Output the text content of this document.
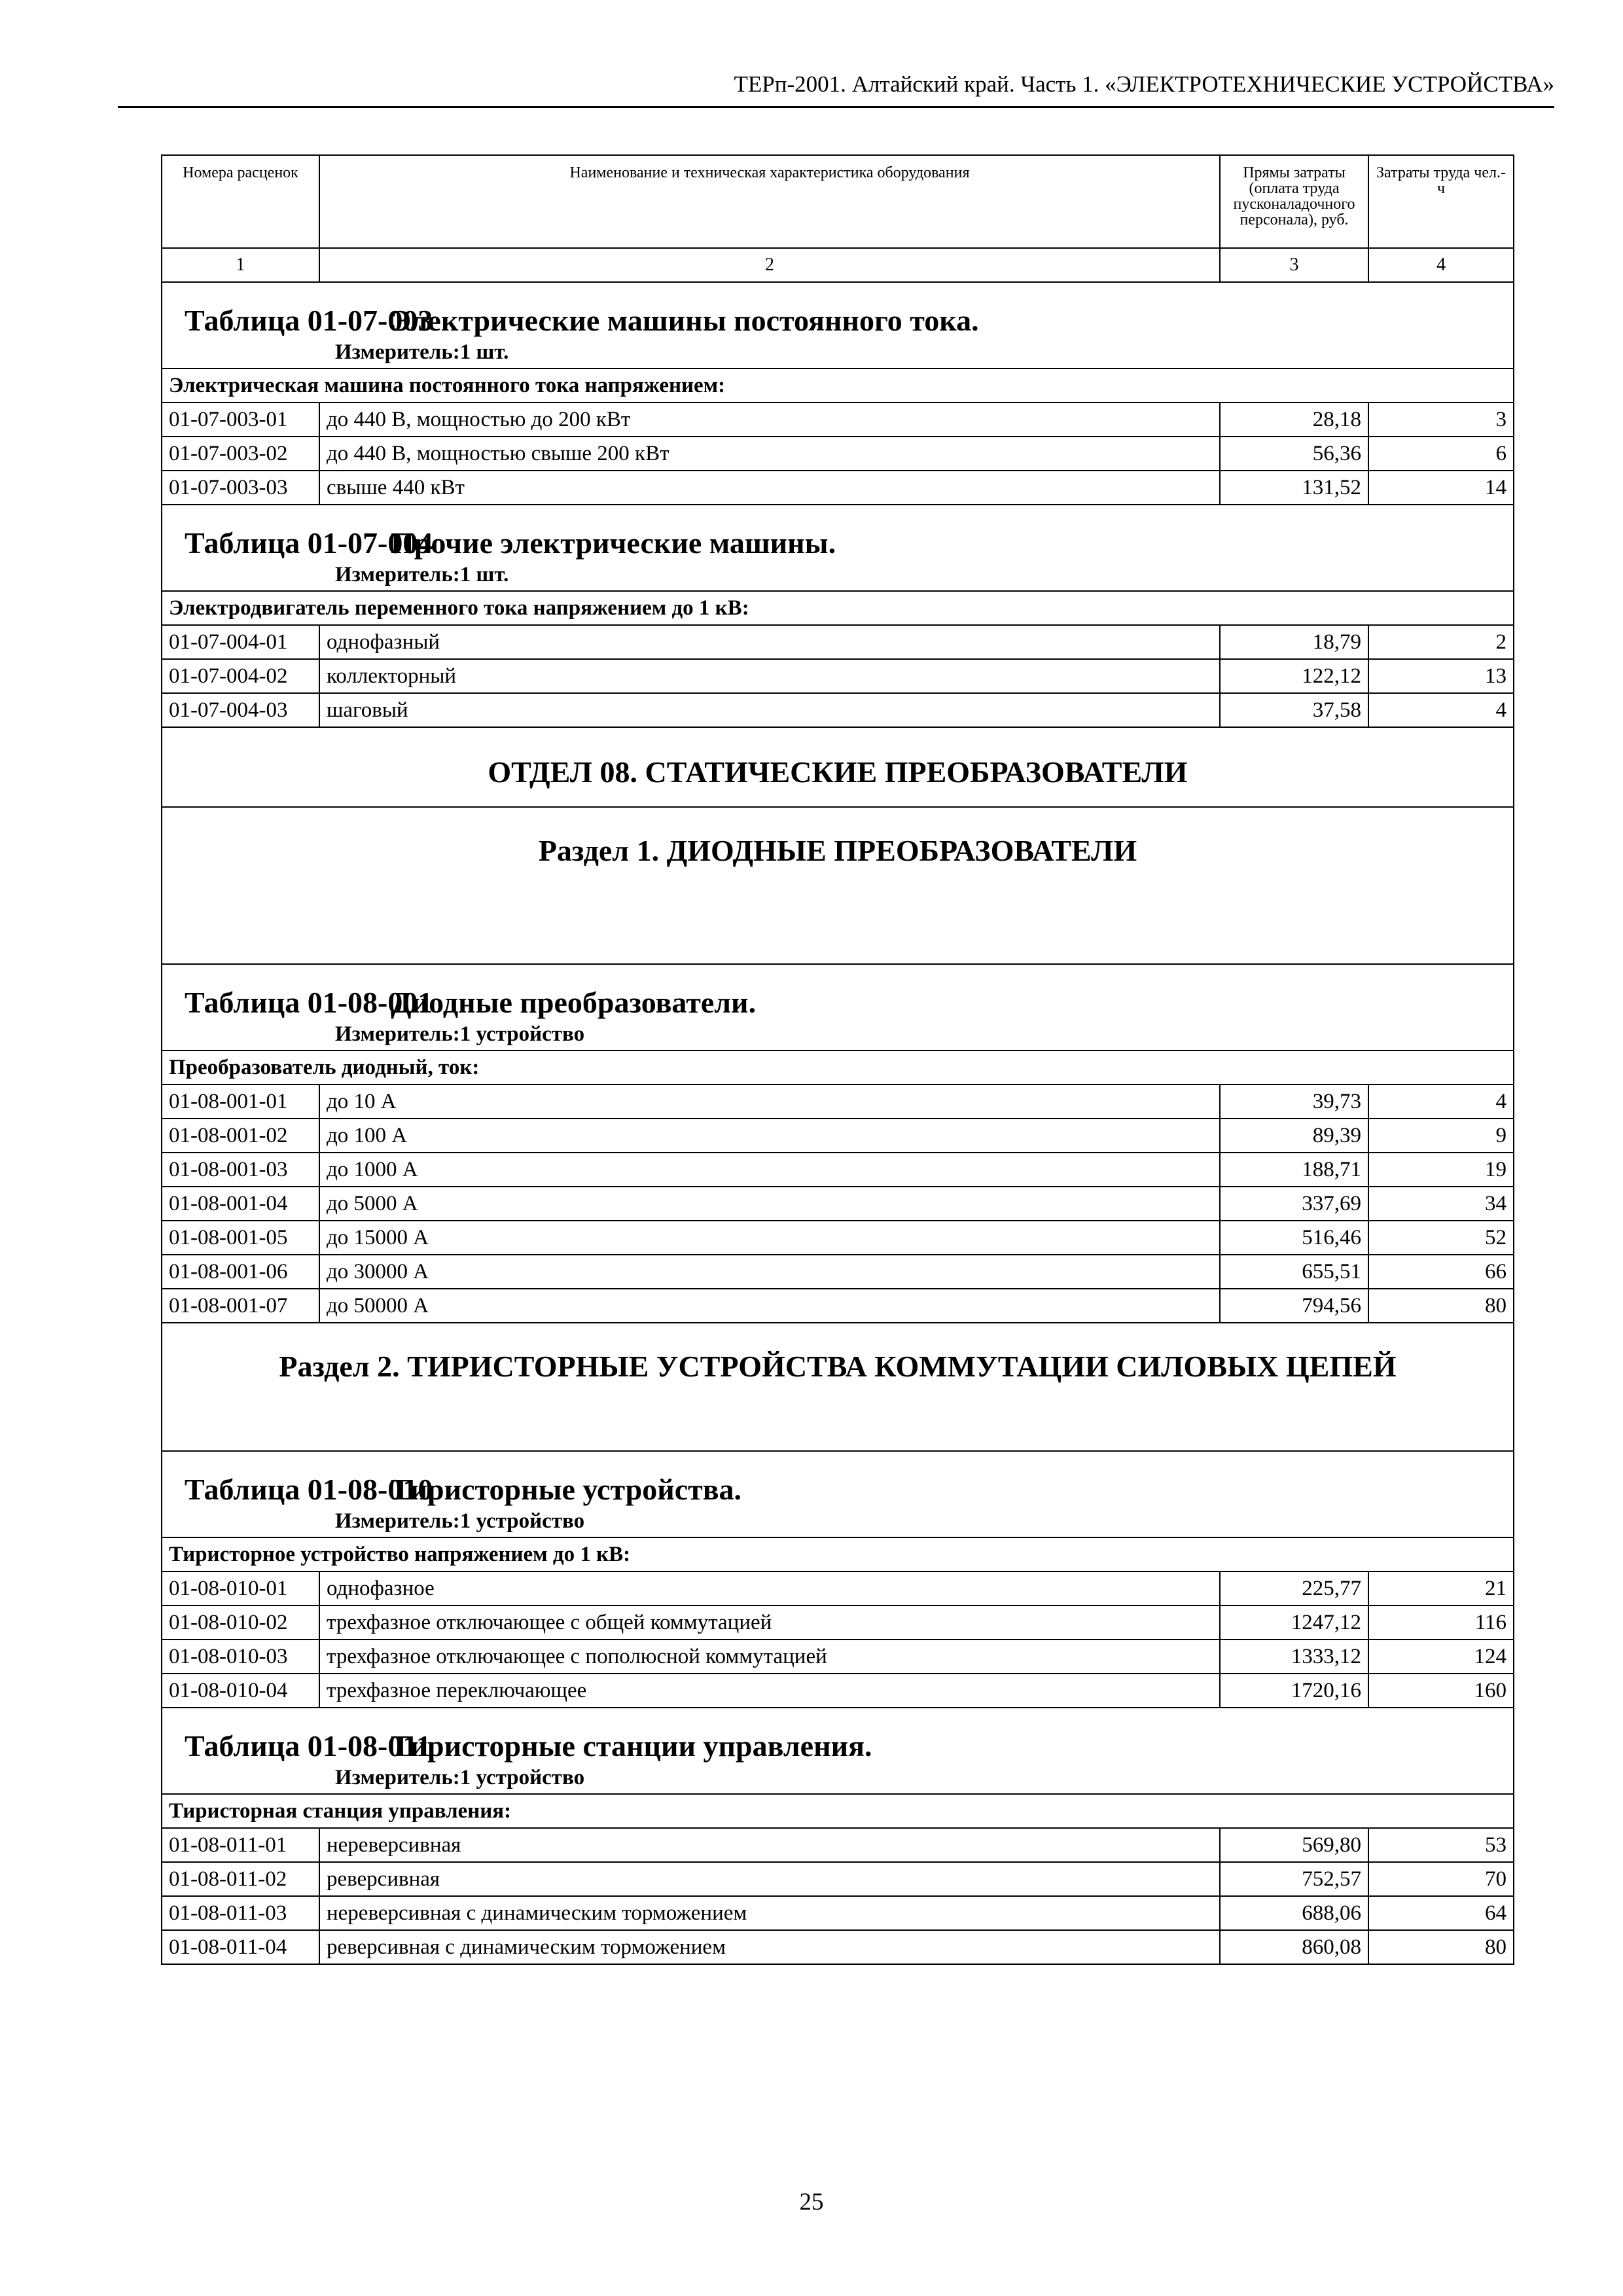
ТЕРп-2001. Алтайский край. Часть 1. «ЭЛЕКТРОТЕХНИЧЕСКИЕ УСТРОЙСТВА»
Номера расценок	Наименование и техническая характеристика оборудования	Прямы затраты (оплата труда пусконаладочного персонала), руб.	Затраты труда чел.-ч
1	2	3	4

Таблица 01-07-003Электрические машины постоянного тока.
Измеритель:1 шт.			

Электрическая машина постоянного тока напряжением:			
01-07-003-01	до 440 В, мощностью до 200 кВт	28,18	3
01-07-003-02	до 440 В, мощностью свыше 200 кВт	56,36	6
01-07-003-03	свыше 440 кВт	131,52	14

Таблица 01-07-004Прочие электрические машины.
Измеритель:1 шт.			

Электродвигатель переменного тока напряжением до 1 кВ:			
01-07-004-01	однофазный	18,79	2
01-07-004-02	коллекторный	122,12	13
01-07-004-03	шаговый	37,58	4

ОТДЕЛ 08. СТАТИЧЕСКИЕ ПРЕОБРАЗОВАТЕЛИ			

Раздел 1. ДИОДНЫЕ ПРЕОБРАЗОВАТЕЛИ			

Таблица 01-08-001Диодные преобразователи.
Измеритель:1 устройство			

Преобразователь диодный, ток:			
01-08-001-01	до 10 А	39,73	4
01-08-001-02	до 100 А	89,39	9
01-08-001-03	до 1000 А	188,71	19
01-08-001-04	до 5000 А	337,69	34
01-08-001-05	до 15000 А	516,46	52
01-08-001-06	до 30000 А	655,51	66
01-08-001-07	до 50000 А	794,56	80

Раздел 2. ТИРИСТОРНЫЕ УСТРОЙСТВА КОММУТАЦИИ СИЛОВЫХ ЦЕПЕЙ			

Таблица 01-08-010Тиристорные устройства.
Измеритель:1 устройство			

Тиристорное устройство напряжением до 1 кВ:			
01-08-010-01	однофазное	225,77	21
01-08-010-02	трехфазное отключающее с общей коммутацией	1247,12	116
01-08-010-03	трехфазное отключающее с пополюсной коммутацией	1333,12	124
01-08-010-04	трехфазное переключающее	1720,16	160

Таблица 01-08-011Тиристорные станции управления.
Измеритель:1 устройство			

Тиристорная станция управления:			
01-08-011-01	нереверсивная	569,80	53
01-08-011-02	реверсивная	752,57	70
01-08-011-03	нереверсивная с динамическим торможением	688,06	64
01-08-011-04	реверсивная с динамическим торможением	860,08	80
25
